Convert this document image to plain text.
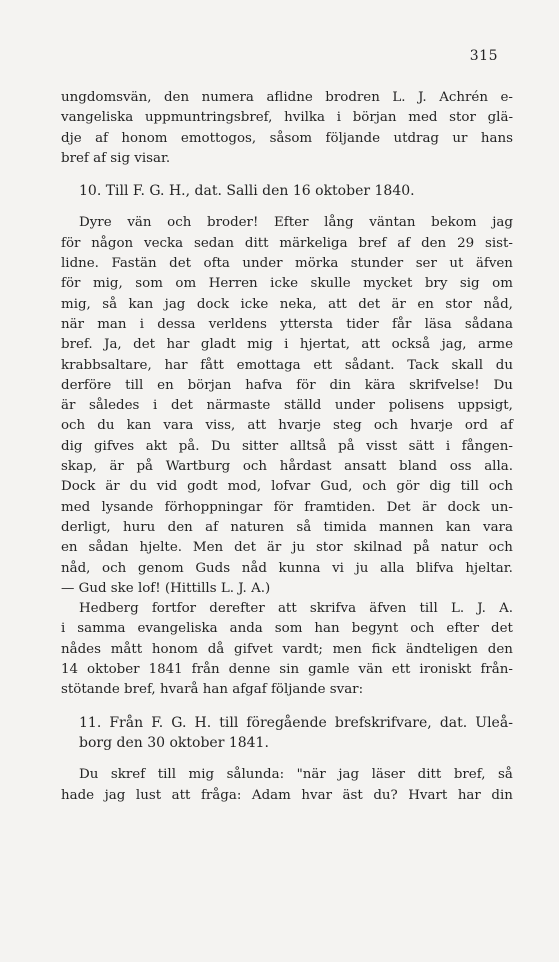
315
ungdomsvän, den numera aflidne brodren L. J. Achrén e-
vangeliska uppmuntringsbref, hvilka i början med stor glä-
dje af honom emottogos, såsom följande utdrag ur hans
bref af sig visar.
10. Till F. G. H., dat. Salli den 16 oktober 1840.
Dyre vän och broder! Efter lång väntan bekom jag
för någon vecka sedan ditt märkeliga bref af den 29 sist-
lidne. Fastän det ofta under mörka stunder ser ut äfven
för mig, som om Herren icke skulle mycket bry sig om
mig, så kan jag dock icke neka, att det är en stor nåd,
när man i dessa verldens yttersta tider får läsa sådana
bref. Ja, det har gladt mig i hjertat, att också jag, arme
krabbsaltare, har fått emottaga ett sådant. Tack skall du
derföre till en början hafva för din kära skrifvelse! Du
är således i det närmaste ställd under polisens uppsigt,
och du kan vara viss, att hvarje steg och hvarje ord af
dig gifves akt på. Du sitter alltså på visst sätt i fången-
skap, är på Wartburg och hårdast ansatt bland oss alla.
Dock är du vid godt mod, lofvar Gud, och gör dig till och
med lysande förhoppningar för framtiden. Det är dock un-
derligt, huru den af naturen så timida mannen kan vara
en sådan hjelte. Men det är ju stor skilnad på natur och
nåd, och genom Guds nåd kunna vi ju alla blifva hjeltar.
— Gud ske lof! (Hittills L. J. A.)
Hedberg fortfor derefter att skrifva äfven till L. J. A.
i samma evangeliska anda som han begynt och efter det
nådes mått honom då gifvet vardt; men fick ändteligen den
14 oktober 1841 från denne sin gamle vän ett ironiskt från-
stötande bref, hvarå han afgaf följande svar:
11. Från F. G. H. till föregående brefskrifvare, dat. Uleå-
borg den 30 oktober 1841.
Du skref till mig sålunda: "när jag läser ditt bref, så
hade jag lust att fråga: Adam hvar äst du? Hvart har din
